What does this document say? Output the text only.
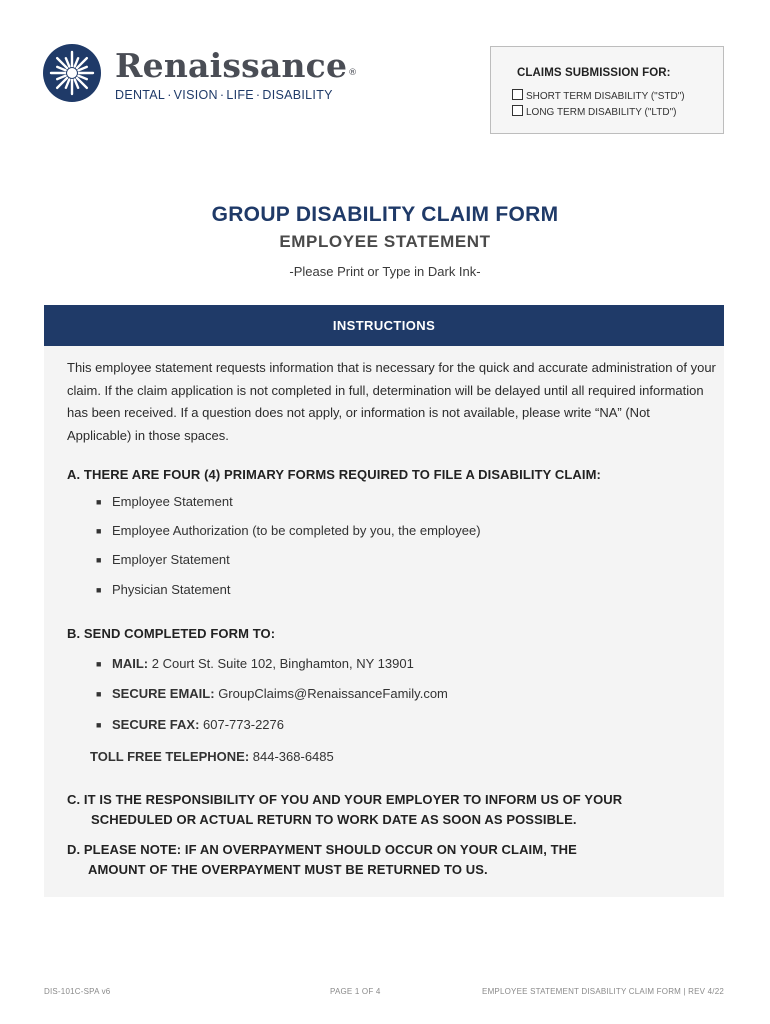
Renaissance®
DENTAL · VISION · LIFE · DISABILITY
CLAIMS SUBMISSION FOR:
SHORT TERM DISABILITY ("STD")
LONG TERM DISABILITY ("LTD")
GROUP DISABILITY CLAIM FORM
EMPLOYEE STATEMENT
-Please Print or Type in Dark Ink-
INSTRUCTIONS
This employee statement requests information that is necessary for the quick and accurate administration of your claim. If the claim application is not completed in full, determination will be delayed until all required information has been received. If a question does not apply, or information is not available, please write “NA” (Not Applicable) in those spaces.
A. THERE ARE FOUR (4) PRIMARY FORMS REQUIRED TO FILE A DISABILITY CLAIM:
■ Employee Statement
■ Employee Authorization (to be completed by you, the employee)
■ Employer Statement
■ Physician Statement
B. SEND COMPLETED FORM TO:
■ MAIL: 2 Court St. Suite 102, Binghamton, NY 13901
■ SECURE EMAIL: GroupClaims@RenaissanceFamily.com
■ SECURE FAX: 607-773-2276
TOLL FREE TELEPHONE: 844-368-6485
C. IT IS THE RESPONSIBILITY OF YOU AND YOUR EMPLOYER TO INFORM US OF YOUR
SCHEDULED OR ACTUAL RETURN TO WORK DATE AS SOON AS POSSIBLE.
D. PLEASE NOTE: IF AN OVERPAYMENT SHOULD OCCUR ON YOUR CLAIM, THE
AMOUNT OF THE OVERPAYMENT MUST BE RETURNED TO US.
DIS-101C-SPA v6	PAGE 1 OF 4	EMPLOYEE STATEMENT DISABILITY CLAIM FORM | REV 4/22
